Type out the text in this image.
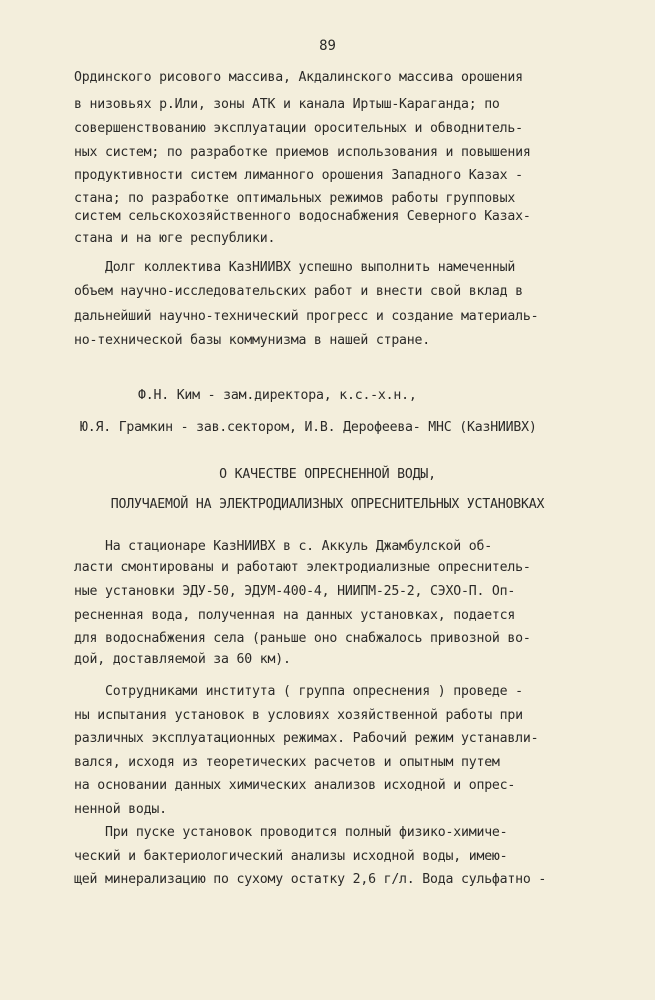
89
Ординского рисового массива, Акдалинского массива орошения
в низовьях р.Или, зоны АТК и канала Иртыш-Караганда; по
совершенствованию эксплуатации оросительных и обводнитель-
ных систем; по разработке приемов использования и повышения
продуктивности систем лиманного орошения Западного Казах -
стана; по разработке оптимальных режимов работы групповых
систем сельскохозяйственного водоснабжения Северного Казах-
стана и на юге республики.
Долг коллектива КазНИИВХ успешно выполнить намеченный
объем научно-исследовательских работ и внести свой вклад в
дальнейший научно-технический прогресс и создание материаль-
но-технической базы коммунизма в нашей стране.
Ф.Н. Ким - зам.директора, к.с.-х.н.,
Ю.Я. Грамкин - зав.сектором, И.В. Дерофеева- МНС (КазНИИВХ)
О КАЧЕСТВЕ ОПРЕСНЕННОЙ ВОДЫ,
ПОЛУЧАЕМОЙ НА ЭЛЕКТРОДИАЛИЗНЫХ ОПРЕСНИТЕЛЬНЫХ УСТАНОВКАХ
На стационаре КазНИИВХ в с. Аккуль Джамбулской об-
ласти смонтированы и работают электродиализные опреснитель-
ные установки ЭДУ-50, ЭДУМ-400-4, НИИПМ-25-2, СЭХО-П. Оп-
ресненная вода, полученная на данных установках, подается
для водоснабжения села (раньше оно снабжалось привозной во-
дой, доставляемой за 60 км).
Сотрудниками института ( группа опреснения ) проведе -
ны испытания установок в условиях хозяйственной работы при
различных эксплуатационных режимах. Рабочий режим устанавли-
вался, исходя из теоретических расчетов и опытным путем
на основании данных химических анализов исходной и опрес-
ненной воды.
При пуске установок проводится полный физико-химиче-
ческий и бактериологический анализы исходной воды, имею-
щей минерализацию по сухому остатку 2,6 г/л. Вода сульфатно -
